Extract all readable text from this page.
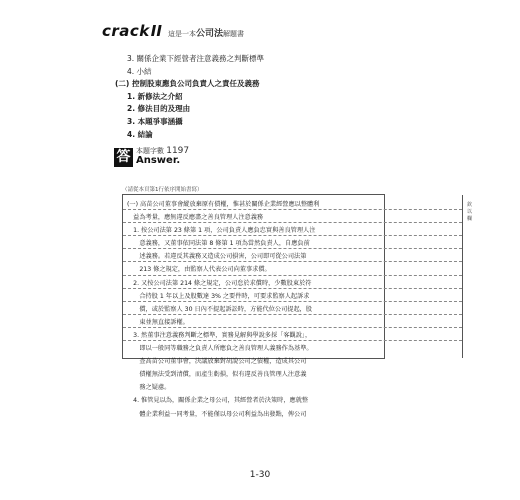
crack II 這是一本公司法解題書
3. 關係企業下經營者注意義務之判斷標準
4. 小結
(二) 控制股東應負公司負責人之責任及義務
1. 新修法之介紹
2. 修法目的及理由
3. 本題爭事涵攝
4. 結論
答 本題字數 1197
Answer.
（請從本頁第1行依序開始書寫）
欽以欄
(一) 高苗公司董事會縱放棄原有債權，惟甚於關係企業經營應以整體利
　益為考量，應無違反應盡之善良管理人注意義務
　1. 按公司法第 23 條第 1 項，公司負責人應負忠實與善良管理人注
　　意義務，又董事依同法第 8 條第 1 項為當然負責人，自應負前
　　述義務。若違反其義務又造成公司損害，公司即可從公司法第
　　213 條之規定，由監察人代表公司向董事求償。
　2. 又按公司法第 214 條之規定，公司怠於求償時，少數股東於符
　　合持股 1 年以上及股數達 3% 之要件時，可要求監察人起訴求
　　償，或於監察人 30 日內不提起訴訟時，方能代位公司提起，股
　　東並無直接訴權。
　3. 然董事注意義務判斷之標準，實務見解與學說多採「客觀說」，
　　即以一般同等職務之負責人所應負之善良管理人義務作為基準。
　　查高苗公司董事會，決議放棄對胡說公司之債權，造成其公司
　　債權無法受到清償，而產生虧損，似有違反善良管理人注意義
　　務之疑慮。
　4. 惟管見以為，關係企業之母公司，其經營者於決策時，應就整
　　體企業利益一同考量，不能僅以母公司利益為出發點，俾公司
1-30
